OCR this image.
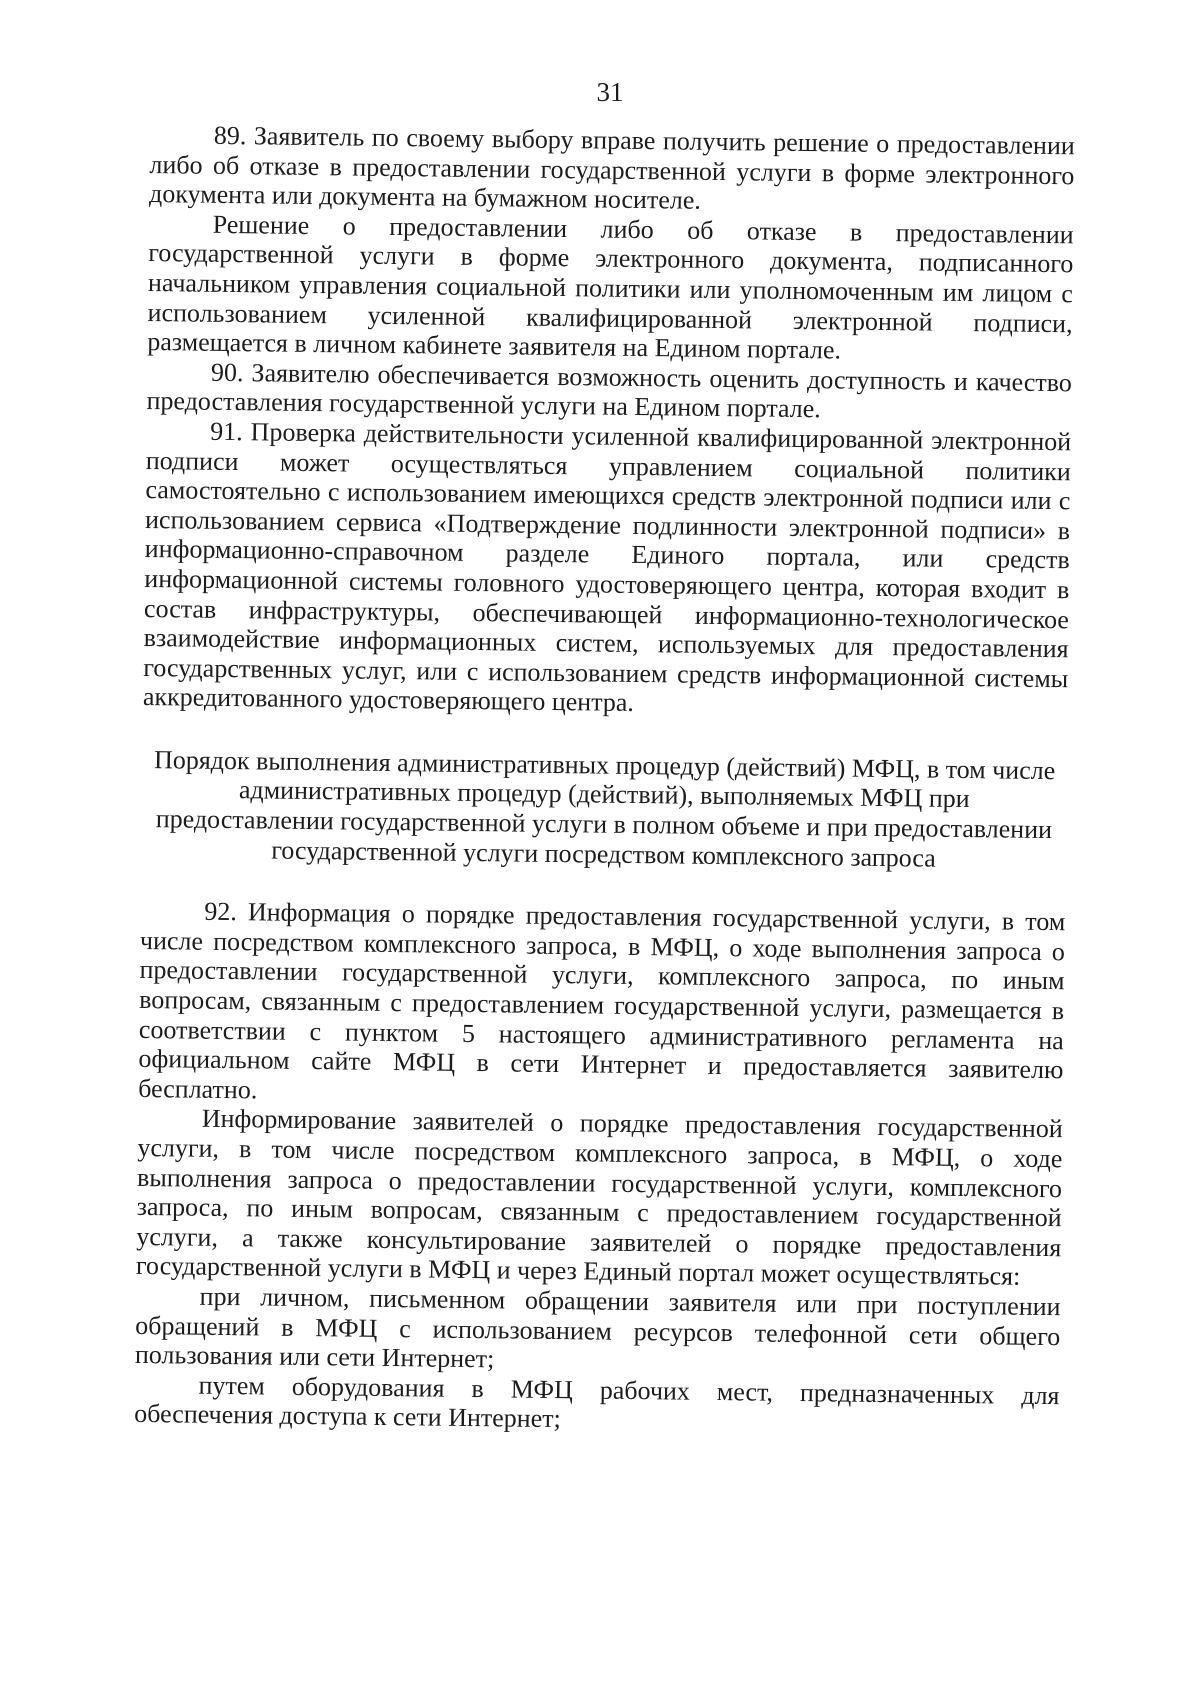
31

89. Заявитель по своему выбору вправе получить решение о предоставлении либо об отказе в предоставлении государственной услуги в форме электронного документа или документа на бумажном носителе.

Решение о предоставлении либо об отказе в предоставлении государственной услуги в форме электронного документа, подписанного начальником управления социальной политики или уполномоченным им лицом с использованием усиленной квалифицированной электронной подписи, размещается в личном кабинете заявителя на Едином портале.

90. Заявителю обеспечивается возможность оценить доступность и качество предоставления государственной услуги на Едином портале.

91. Проверка действительности усиленной квалифицированной электронной подписи может осуществляться управлением социальной политики самостоятельно с использованием имеющихся средств электронной подписи или с использованием сервиса «Подтверждение подлинности электронной подписи» в информационно-справочном разделе Единого портала, или средств информационной системы головного удостоверяющего центра, которая входит в состав инфраструктуры, обеспечивающей информационно-технологическое взаимодействие информационных систем, используемых для предоставления государственных услуг, или с использованием средств информационной системы аккредитованного удостоверяющего центра.

Порядок выполнения административных процедур (действий) МФЦ, в том числе административных процедур (действий), выполняемых МФЦ при предоставлении государственной услуги в полном объеме и при предоставлении государственной услуги посредством комплексного запроса

92. Информация о порядке предоставления государственной услуги, в том числе посредством комплексного запроса, в МФЦ, о ходе выполнения запроса о предоставлении государственной услуги, комплексного запроса, по иным вопросам, связанным с предоставлением государственной услуги, размещается в соответствии с пунктом 5 настоящего административного регламента на официальном сайте МФЦ в сети Интернет и предоставляется заявителю бесплатно.

Информирование заявителей о порядке предоставления государственной услуги, в том числе посредством комплексного запроса, в МФЦ, о ходе выполнения запроса о предоставлении государственной услуги, комплексного запроса, по иным вопросам, связанным с предоставлением государственной услуги, а также консультирование заявителей о порядке предоставления государственной услуги в МФЦ и через Единый портал может осуществляться:

при личном, письменном обращении заявителя или при поступлении обращений в МФЦ с использованием ресурсов телефонной сети общего пользования или сети Интернет;

путем оборудования в МФЦ рабочих мест, предназначенных для обеспечения доступа к сети Интернет;
